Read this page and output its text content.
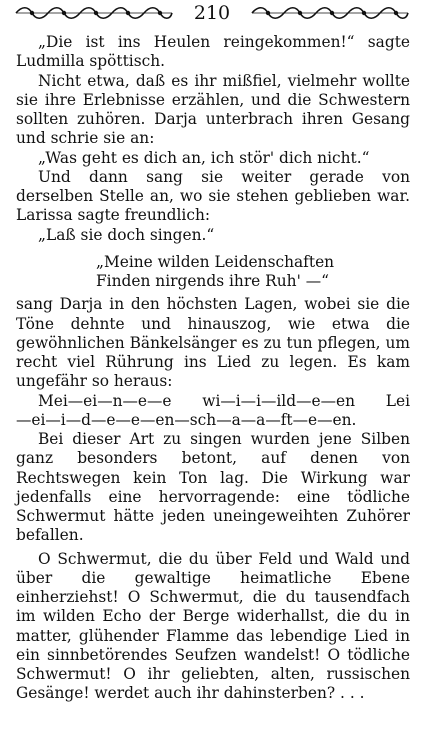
210

„Die ist ins Heulen reingekommen!“ sagte Ludmilla spöttisch.

Nicht etwa, daß es ihr mißfiel, vielmehr wollte sie ihre Erlebnisse erzählen, und die Schwestern sollten zuhören. Darja unterbrach ihren Gesang und schrie sie an:

„Was geht es dich an, ich stör' dich nicht.“

Und dann sang sie weiter gerade von derselben Stelle an, wo sie stehen geblieben war. Larissa sagte freundlich:

„Laß sie doch singen.“

„Meine wilden Leidenschaften

Finden nirgends ihre Ruh' —“

sang Darja in den höchsten Lagen, wobei sie die Töne dehnte und hinauszog, wie etwa die gewöhnlichen Bänkelsänger es zu tun pflegen, um recht viel Rührung ins Lied zu legen. Es kam ungefähr so heraus:

Mei—ei—n—e—e wi—i—i—ild—e—en Lei

—ei—i—d—e—e—en—sch—a—a—ft—e—en.

Bei dieser Art zu singen wurden jene Silben ganz besonders betont, auf denen von Rechtswegen kein Ton lag. Die Wirkung war jedenfalls eine hervorragende: eine tödliche Schwermut hätte jeden uneingeweihten Zuhörer befallen.

O Schwermut, die du über Feld und Wald und über die gewaltige heimatliche Ebene einherziehst! O Schwermut, die du tausendfach im wilden Echo der Berge widerhallst, die du in matter, glühender Flamme das lebendige Lied in ein sinnbetörendes Seufzen wandelst! O tödliche Schwermut! O ihr geliebten, alten, russischen Gesänge! werdet auch ihr dahinsterben? . . .
